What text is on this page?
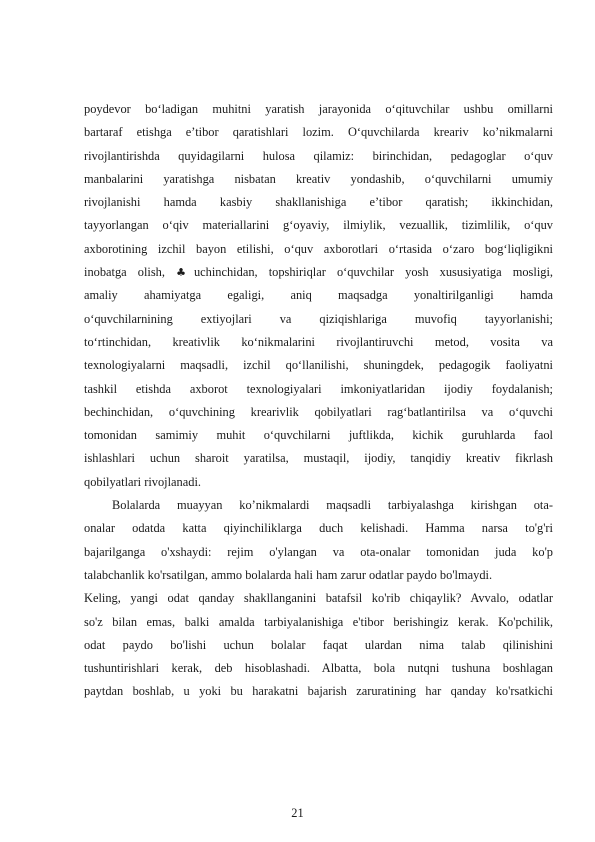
poydevor bo‘ladigan muhitni yaratish jarayonida o‘qituvchilar ushbu omillarni
bartaraf etishga e’tibor qaratishlari lozim. O‘quvchilarda kreariv ko’nikmalarni
rivojlantirishda quyidagilarni hulosa qilamiz: birinchidan, pedagoglar o‘quv
manbalarini yaratishga nisbatan kreativ yondashib, o‘quvchilarni umumiy
rivojlanishi hamda kasbiy shakllanishiga e’tibor qaratish; ikkinchidan,
tayyorlangan o‘qiv materiallarini g‘oyaviy, ilmiylik, vezuallik, tizimlilik, o‘quv
axborotining izchil bayon etilishi, o‘quv axborotlari o‘rtasida o‘zaro bog‘liqligikni
inobatga olish, ♣uchinchidan, topshiriqlar o‘quvchilar yosh xususiyatiga mosligi,
amaliy ahamiyatga egaligi, aniq maqsadga yonaltirilganligi hamda
o‘quvchilarnining extiyojlari va qiziqishlariga muvofiq tayyorlanishi;
to‘rtinchidan, kreativlik ko‘nikmalarini rivojlantiruvchi metod, vosita va
texnologiyalarni maqsadli, izchil qo‘llanilishi, shuningdek, pedagogik faoliyatni
tashkil etishda axborot texnologiyalari imkoniyatlaridan ijodiy foydalanish;
bechinchidan, o‘quvchining krearivlik qobilyatlari rag‘batlantirilsa va o‘quvchi
tomonidan samimiy muhit o‘quvchilarni juftlikda, kichik guruhlarda faol
ishlashlari uchun sharoit yaratilsa, mustaqil, ijodiy, tanqidiy kreativ fikrlash
qobilyatlari rivojlanadi.
Bolalarda muayyan ko’nikmalardi maqsadli tarbiyalashga kirishgan ota-
onalar odatda katta qiyinchiliklarga duch kelishadi. Hamma narsa to'g'ri
bajarilganga o'xshaydi: rejim o'ylangan va ota-onalar tomonidan juda ko'p
talabchanlik ko'rsatilgan, ammo bolalarda hali ham zarur odatlar paydo bo'lmaydi.
Keling, yangi odat qanday shakllanganini batafsil ko'rib chiqaylik? Avvalo, odatlar
so'z bilan emas, balki amalda tarbiyalanishiga e'tibor berishingiz kerak. Ko'pchilik,
odat paydo bo'lishi uchun bolalar faqat ulardan nima talab qilinishini
tushuntirishlari kerak, deb hisoblashadi. Albatta, bola nutqni tushuna boshlagan
paytdan boshlab, u yoki bu harakatni bajarish zaruratining har qanday ko'rsatkichi
21
